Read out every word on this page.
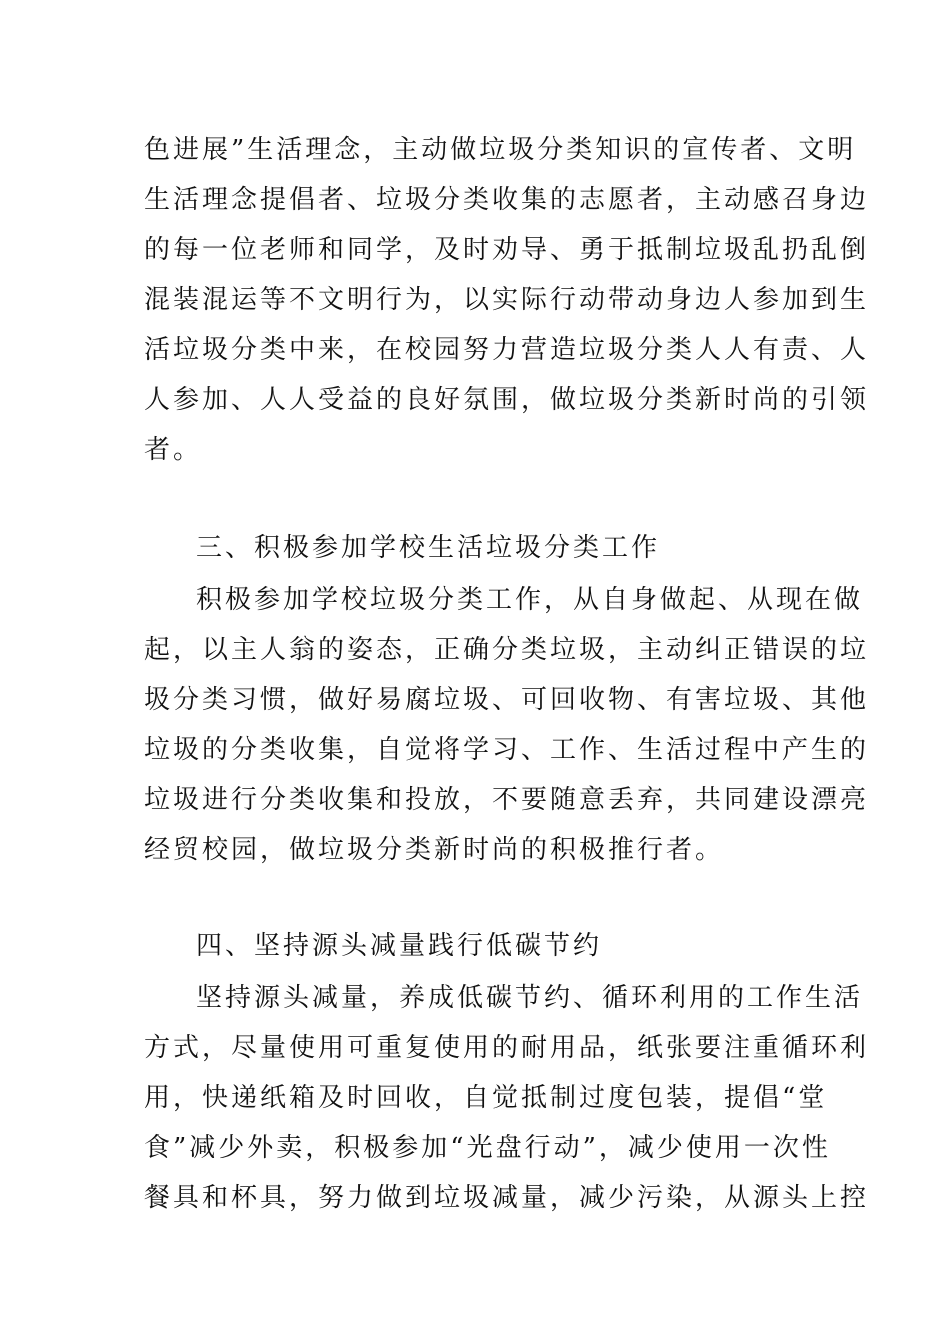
色进展”生活理念，主动做垃圾分类知识的宣传者、文明
生活理念提倡者、垃圾分类收集的志愿者，主动感召身边
的每一位老师和同学，及时劝导、勇于抵制垃圾乱扔乱倒
混装混运等不文明行为，以实际行动带动身边人参加到生
活垃圾分类中来，在校园努力营造垃圾分类人人有责、人
人参加、人人受益的良好氛围，做垃圾分类新时尚的引领
者。
三、积极参加学校生活垃圾分类工作
积极参加学校垃圾分类工作，从自身做起、从现在做
起，以主人翁的姿态，正确分类垃圾，主动纠正错误的垃
圾分类习惯，做好易腐垃圾、可回收物、有害垃圾、其他
垃圾的分类收集，自觉将学习、工作、生活过程中产生的
垃圾进行分类收集和投放，不要随意丢弃，共同建设漂亮
经贸校园，做垃圾分类新时尚的积极推行者。
四、坚持源头减量践行低碳节约
坚持源头减量，养成低碳节约、循环利用的工作生活
方式，尽量使用可重复使用的耐用品，纸张要注重循环利
用，快递纸箱及时回收，自觉抵制过度包装，提倡“堂
食”减少外卖，积极参加“光盘行动”，减少使用一次性
餐具和杯具，努力做到垃圾减量，减少污染，从源头上控
